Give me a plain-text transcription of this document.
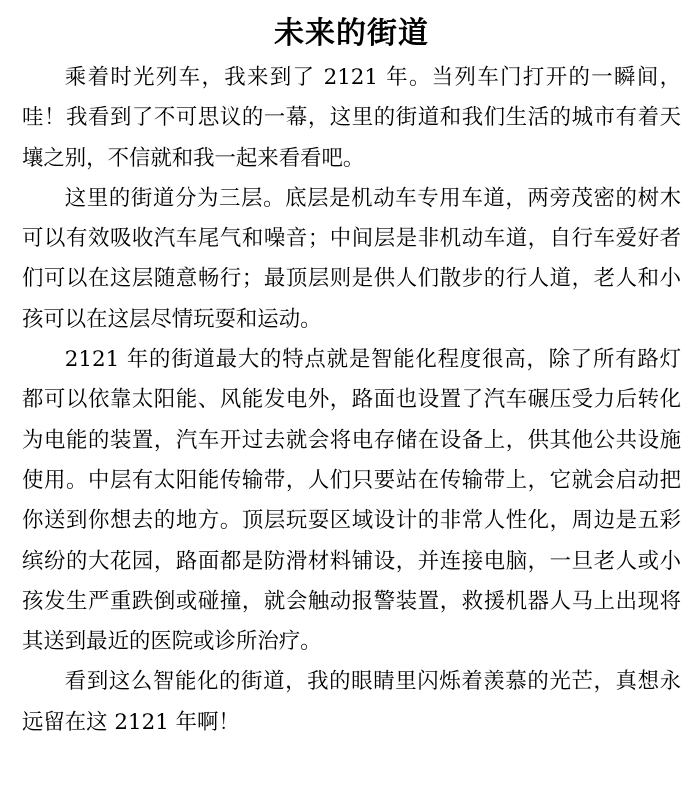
未来的街道

乘着时光列车，我来到了 2121 年。当列车门打开的一瞬间，哇！我看到了不可思议的一幕，这里的街道和我们生活的城市有着天壤之别，不信就和我一起来看看吧。

这里的街道分为三层。底层是机动车专用车道，两旁茂密的树木可以有效吸收汽车尾气和噪音；中间层是非机动车道，自行车爱好者们可以在这层随意畅行；最顶层则是供人们散步的行人道，老人和小孩可以在这层尽情玩耍和运动。

2121 年的街道最大的特点就是智能化程度很高，除了所有路灯都可以依靠太阳能、风能发电外，路面也设置了汽车碾压受力后转化为电能的装置，汽车开过去就会将电存储在设备上，供其他公共设施使用。中层有太阳能传输带，人们只要站在传输带上，它就会启动把你送到你想去的地方。顶层玩耍区域设计的非常人性化，周边是五彩缤纷的大花园，路面都是防滑材料铺设，并连接电脑，一旦老人或小孩发生严重跌倒或碰撞，就会触动报警装置，救援机器人马上出现将其送到最近的医院或诊所治疗。

看到这么智能化的街道，我的眼睛里闪烁着羡慕的光芒，真想永远留在这 2121 年啊！
